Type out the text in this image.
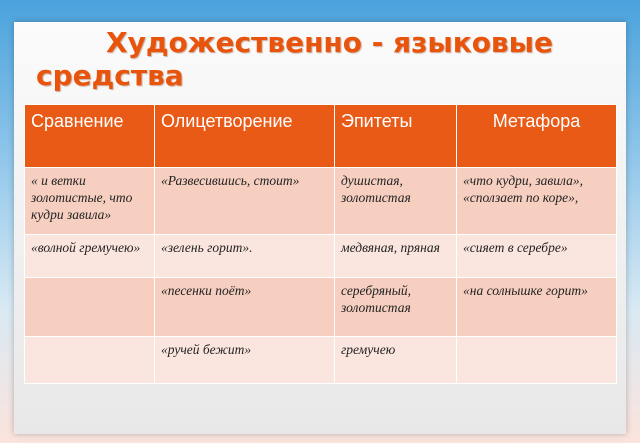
Художественно - языковые средства
Сравнение	Олицетворение	Эпитеты	Метафора
« и ветки золотистые, что кудри завила»	«Развесившись, стоит»	душистая, золотистая	«что кудри, завила», «сползает по коре»,
«волной гремучею»	«зелень горит».	медвяная, пряная	«сияет в серебре»
	«песенки поёт»	серебряный, золотистая	«на солнышке горит»
	«ручей бежит»	гремучею	
